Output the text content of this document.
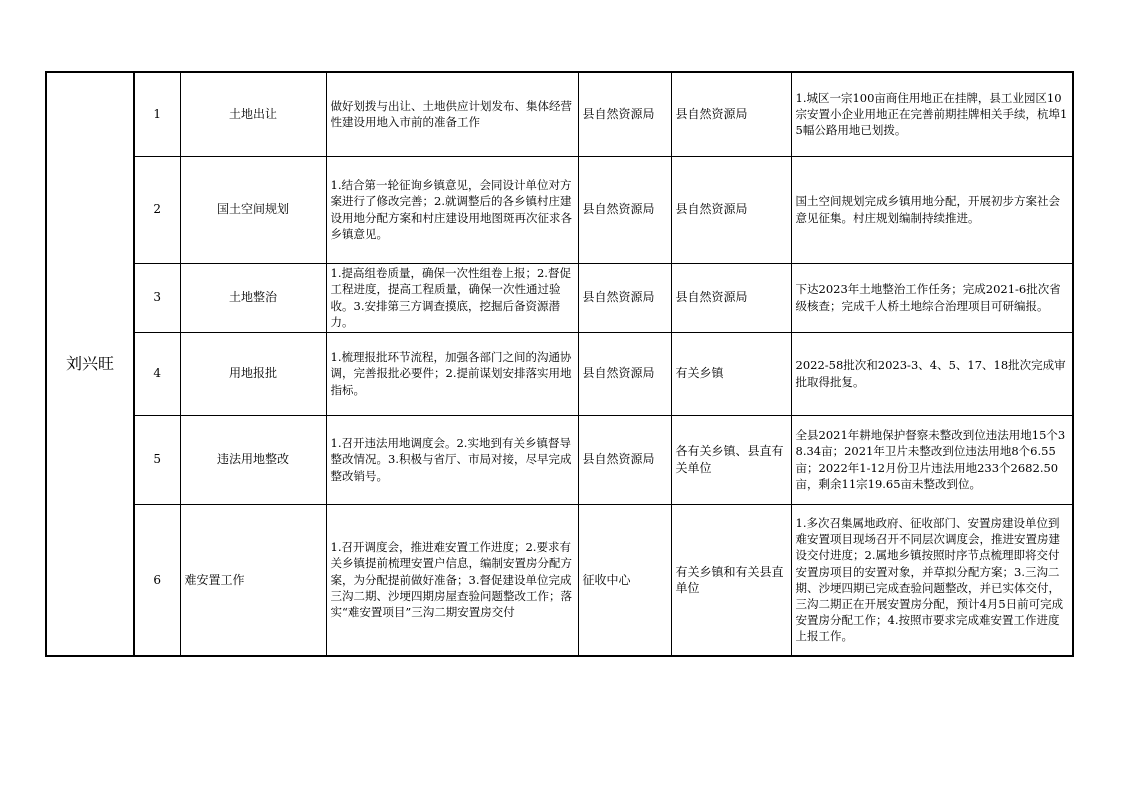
刘兴旺	1	土地出让	做好划拨与出让、土地供应计划发布、集体经营性建设用地入市前的准备工作	县自然资源局	县自然资源局	1.城区一宗100亩商住用地正在挂牌，县工业园区10宗安置小企业用地正在完善前期挂牌相关手续，杭埠15幅公路用地已划拨。
	2	国土空间规划	1.结合第一轮征询乡镇意见，会同设计单位对方案进行了修改完善；2.就调整后的各乡镇村庄建设用地分配方案和村庄建设用地图斑再次征求各乡镇意见。	县自然资源局	县自然资源局	国土空间规划完成乡镇用地分配，开展初步方案社会意见征集。村庄规划编制持续推进。
	3	土地整治	1.提高组卷质量，确保一次性组卷上报；2.督促工程进度，提高工程质量，确保一次性通过验收。3.安排第三方调查摸底，挖掘后备资源潜力。	县自然资源局	县自然资源局	下达2023年土地整治工作任务；完成2021-6批次省级核查；完成千人桥土地综合治理项目可研编报。
	4	用地报批	1.梳理报批环节流程，加强各部门之间的沟通协调，完善报批必要件；2.提前谋划安排落实用地指标。	县自然资源局	有关乡镇	2022-58批次和2023-3、4、5、17、18批次完成审批取得批复。
	5	违法用地整改	1.召开违法用地调度会。2.实地到有关乡镇督导整改情况。3.积极与省厅、市局对接，尽早完成整改销号。	县自然资源局	各有关乡镇、县直有关单位	全县2021年耕地保护督察未整改到位违法用地15个38.34亩；2021年卫片未整改到位违法用地8个6.55亩；2022年1-12月份卫片违法用地233个2682.50亩，剩余11宗19.65亩未整改到位。
	6	难安置工作	1.召开调度会，推进难安置工作进度；2.要求有关乡镇提前梳理安置户信息，编制安置房分配方案，为分配提前做好准备；3.督促建设单位完成三沟二期、沙埂四期房屋查验问题整改工作；落实“难安置项目”三沟二期安置房交付	征收中心	有关乡镇和有关县直单位	1.多次召集属地政府、征收部门、安置房建设单位到难安置项目现场召开不同层次调度会，推进安置房建设交付进度；2.属地乡镇按照时序节点梳理即将交付安置房项目的安置对象，并草拟分配方案；3.三沟二期、沙埂四期已完成查验问题整改，并已实体交付，三沟二期正在开展安置房分配，预计4月5日前可完成安置房分配工作；4.按照市要求完成难安置工作进度上报工作。
